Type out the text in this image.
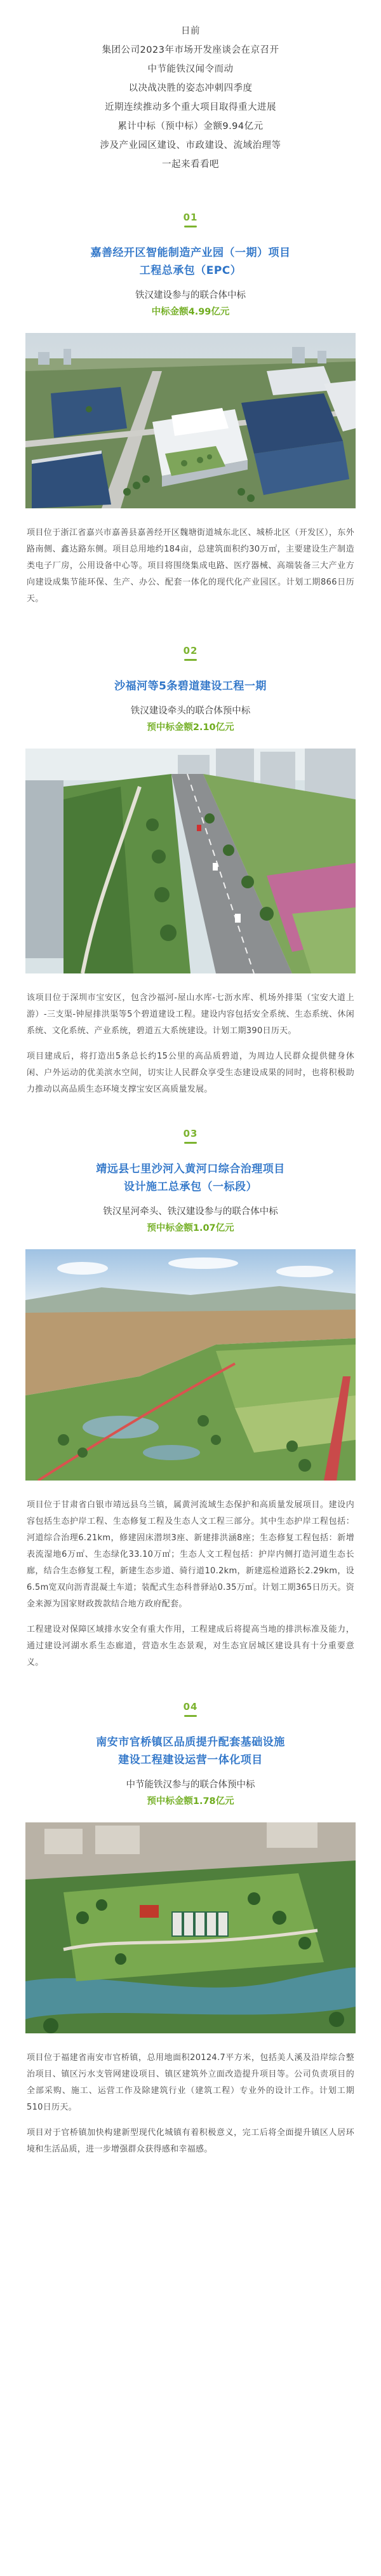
日前

集团公司2023年市场开发座谈会在京召开

中节能铁汉闻令而动

以决战决胜的姿态冲刺四季度

近期连续推动多个重大项目取得重大进展

累计中标（预中标）金额9.94亿元

涉及产业园区建设、市政建设、流域治理等

一起来看看吧

01
嘉善经开区智能制造产业园（一期）项目
工程总承包（EPC）
铁汉建设参与的联合体中标
中标金额4.99亿元

项目位于浙江省嘉兴市嘉善县嘉善经开区魏塘街道城东北区、城桥北区（开发区），东外路南侧、鑫达路东侧。项目总用地约184亩，总建筑面积约30万㎡，主要建设生产制造类电子厂房，公用设备中心等。项目将围绕集成电路、医疗器械、高端装备三大产业方向建设成集节能环保、生产、办公、配套一体化的现代化产业园区。计划工期866日历天。

02
沙福河等5条碧道建设工程一期
铁汉建设牵头的联合体预中标
预中标金额2.10亿元

该项目位于深圳市宝安区，包含沙福河-屋山水库-七沥水库、机场外排渠（宝安大道上游）-三支渠-钟屋排洪渠等5个碧道建设工程。建设内容包括安全系统、生态系统、休闲系统、文化系统、产业系统，碧道五大系统建设。计划工期390日历天。

项目建成后，将打造出5条总长约15公里的高品质碧道，为周边人民群众提供健身休闲、户外运动的优美滨水空间，切实让人民群众享受生态建设成果的同时，也将积极助力推动以高品质生态环境支撑宝安区高质量发展。

03
靖远县七里沙河入黄河口综合治理项目
设计施工总承包（一标段）
铁汉星河牵头、铁汉建设参与的联合体中标
预中标金额1.07亿元

项目位于甘肃省白银市靖远县乌兰镇，属黄河流域生态保护和高质量发展项目。建设内容包括生态护岸工程、生态修复工程及生态人文工程三部分。其中生态护岸工程包括：河道综合治理6.21km，修建固床潜坝3座、新建排洪涵8座；生态修复工程包括：新增表流湿地6万㎡、生态绿化33.10万㎡；生态人文工程包括：护岸内侧打造河道生态长廊，结合生态修复工程，新建生态步道、骑行道10.2km，新建巡检道路长2.29km，设6.5m宽双向沥青混凝土车道；装配式生态科普驿站0.35万㎡。计划工期365日历天。资金来源为国家财政拨款结合地方政府配套。

工程建设对保障区域排水安全有重大作用，工程建成后将提高当地的排洪标准及能力，通过建设河湖水系生态廊道，营造水生态景观，对生态宜居城区建设具有十分重要意义。

04
南安市官桥镇区品质提升配套基础设施
建设工程建设运营一体化项目
中节能铁汉参与的联合体预中标
预中标金额1.78亿元

项目位于福建省南安市官桥镇，总用地面积20124.7平方米，包括美人溪及沿岸综合整治项目、镇区污水支管网建设项目、镇区建筑外立面改造提升项目等。公司负责项目的全部采购、施工、运营工作及除建筑行业（建筑工程）专业外的设计工作。计划工期510日历天。

项目对于官桥镇加快构建新型现代化城镇有着积极意义，完工后将全面提升镇区人居环境和生活品质，进一步增强群众获得感和幸福感。
